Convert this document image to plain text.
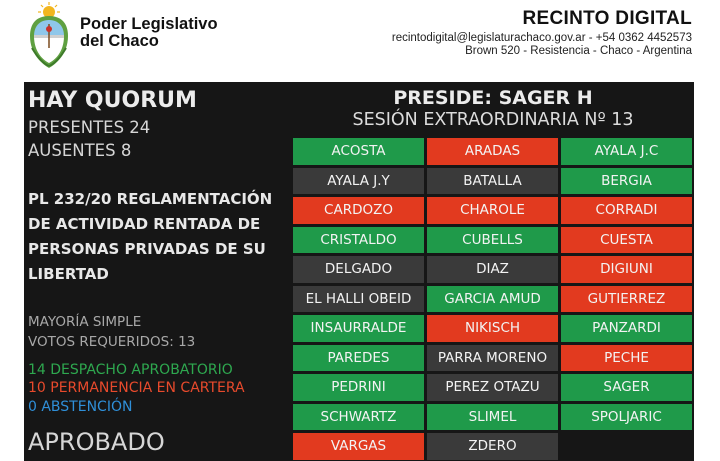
Poder Legislativo
del Chaco
RECINTO DIGITAL
recintodigital@legislaturachaco.gov.ar - +54 0362 4452573
Brown 520 - Resistencia - Chaco - Argentina
HAY QUORUM
PRESENTES 24
AUSENTES 8
PL 232/20 REGLAMENTACIÓN
DE ACTIVIDAD RENTADA DE
PERSONAS PRIVADAS DE SU
LIBERTAD
MAYORÍA SIMPLE
VOTOS REQUERIDOS: 13
14 DESPACHO APROBATORIO
10 PERMANENCIA EN CARTERA
0 ABSTENCIÓN
APROBADO
PRESIDE: SAGER H
SESIÓN EXTRAORDINARIA Nº 13
ACOSTA	ARADAS	AYALA J.C
AYALA J.Y	BATALLA	BERGIA
CARDOZO	CHAROLE	CORRADI
CRISTALDO	CUBELLS	CUESTA
DELGADO	DIAZ	DIGIUNI
EL HALLI OBEID	GARCIA AMUD	GUTIERREZ
INSAURRALDE	NIKISCH	PANZARDI
PAREDES	PARRA MORENO	PECHE
PEDRINI	PEREZ OTAZU	SAGER
SCHWARTZ	SLIMEL	SPOLJARIC
VARGAS	ZDERO
